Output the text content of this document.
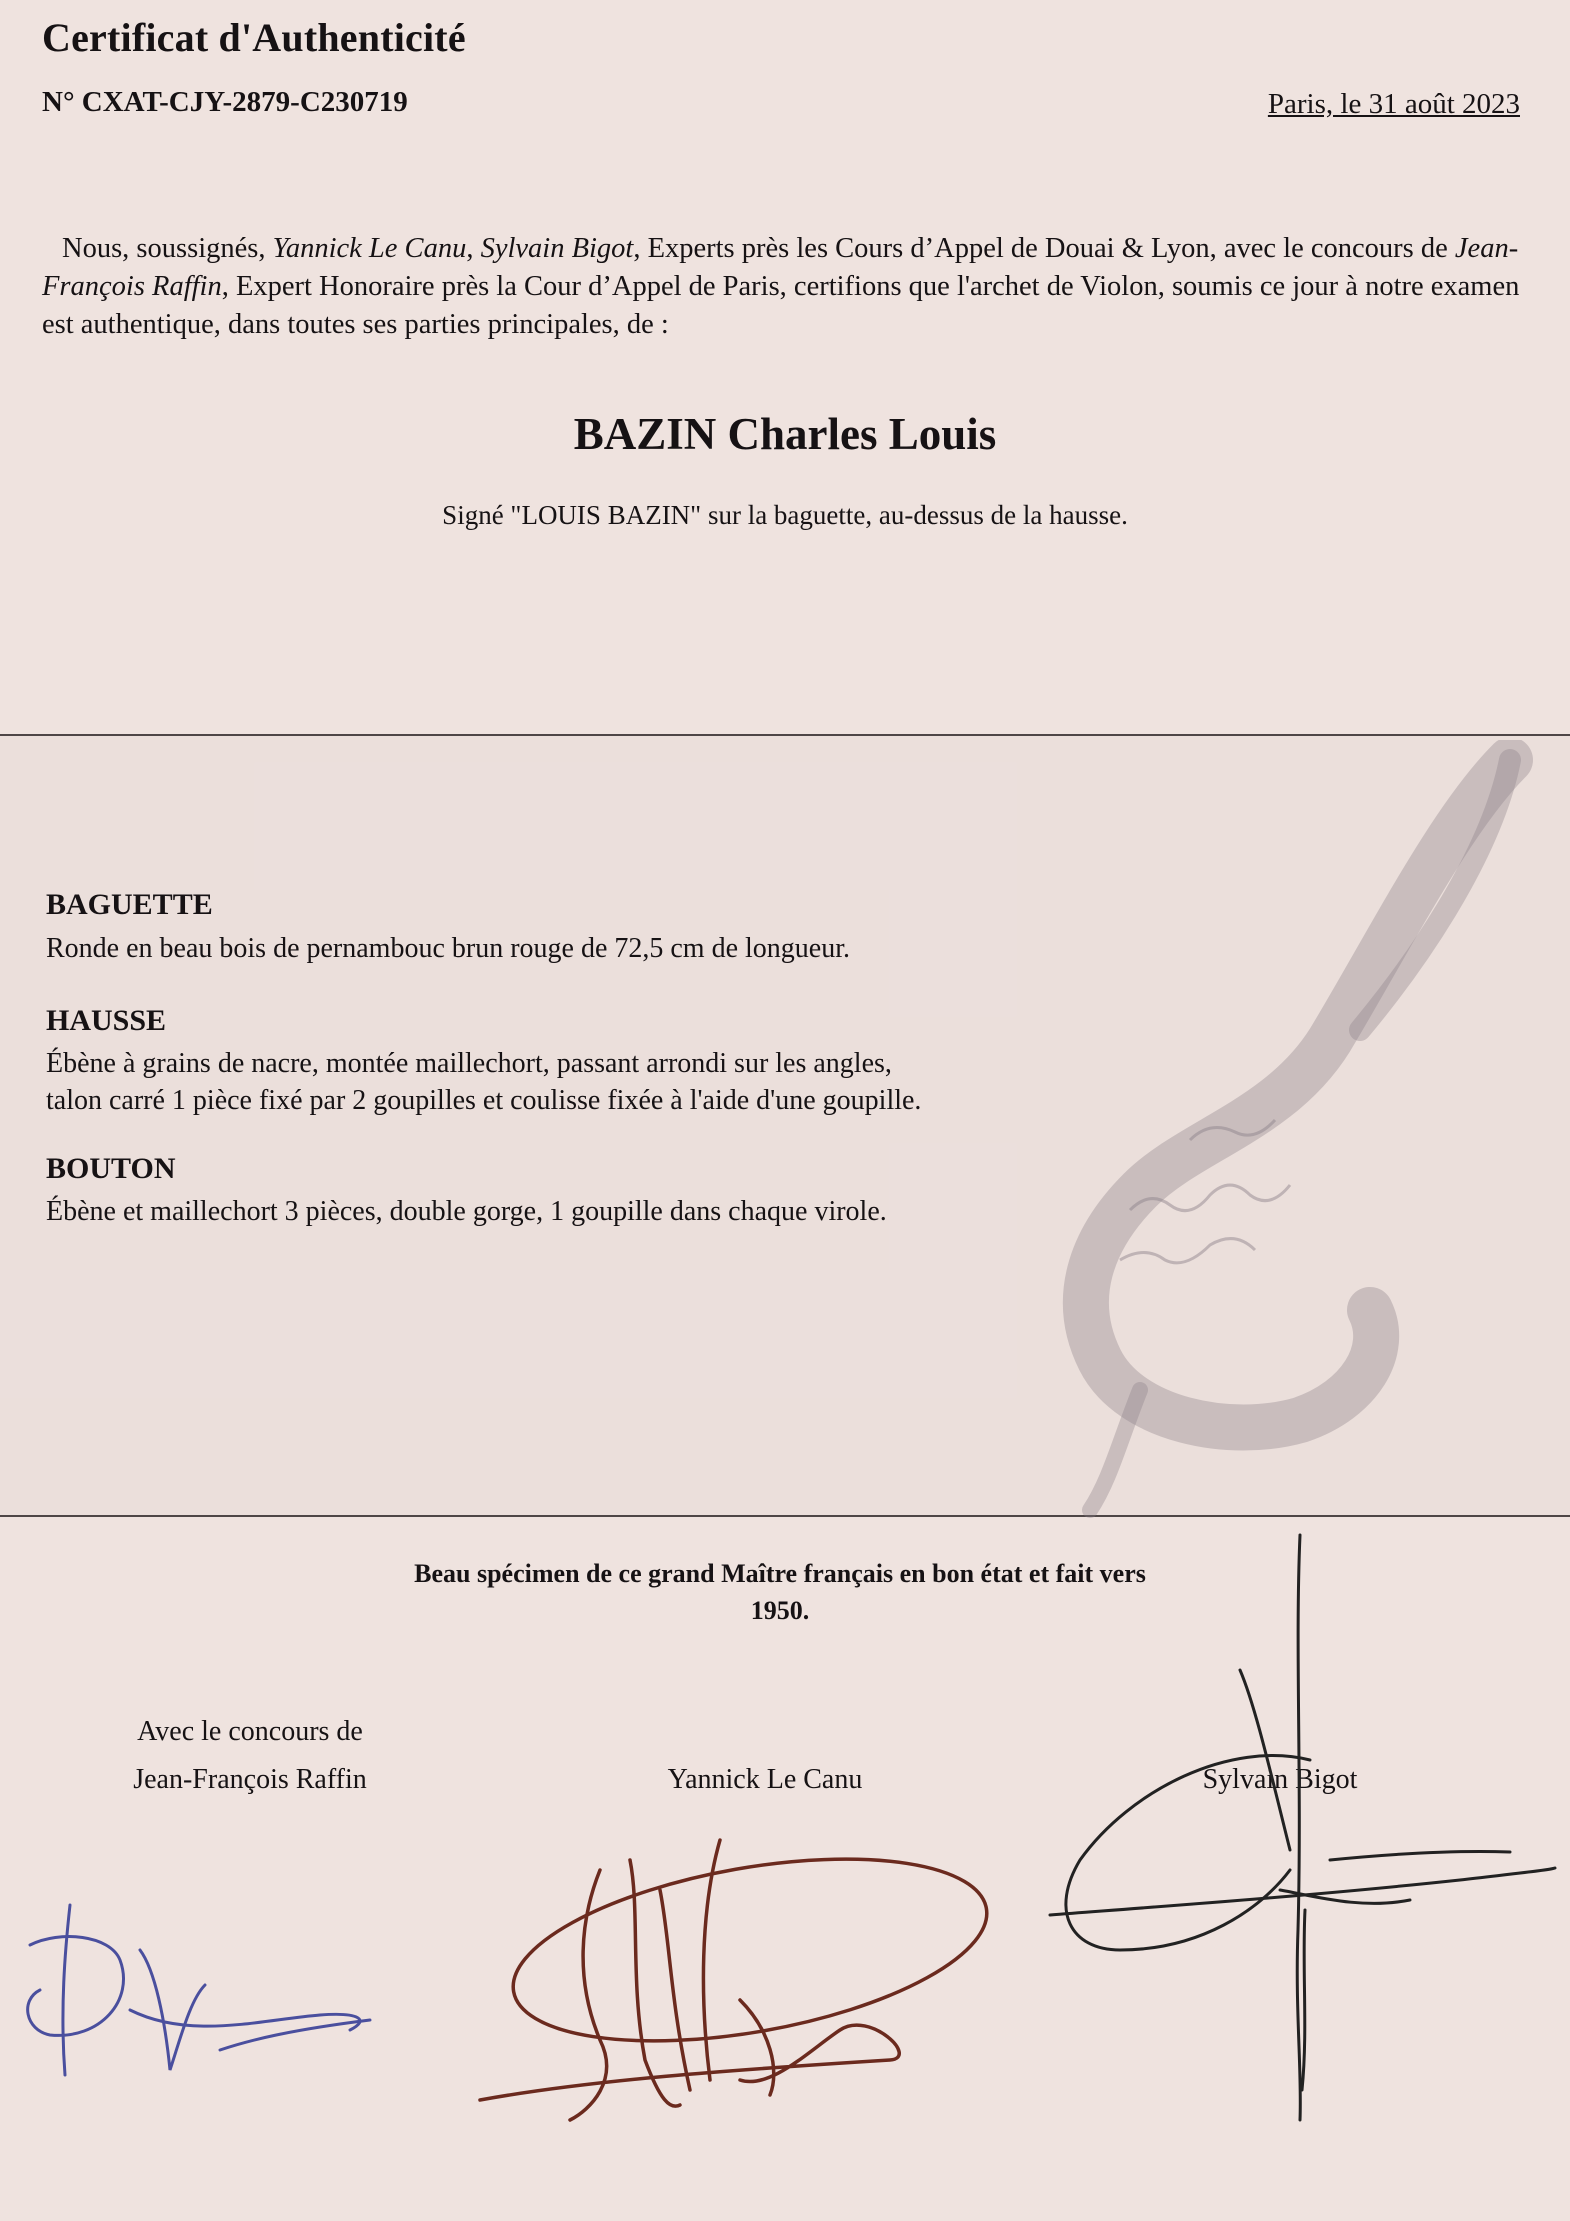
Certificat d'Authenticité
N° CXAT-CJY-2879-C230719	Paris, le 31 août 2023
Nous, soussignés, Yannick Le Canu, Sylvain Bigot, Experts près les Cours d’Appel de Douai & Lyon, avec le concours de Jean-François Raffin, Expert Honoraire près la Cour d’Appel de Paris, certifions que l'archet de Violon, soumis ce jour à notre examen est authentique, dans toutes ses parties principales, de :
BAZIN Charles Louis
Signé "LOUIS BAZIN" sur la baguette, au-dessus de la hausse.
BAGUETTE
Ronde en beau bois de pernambouc brun rouge de 72,5 cm de longueur.
HAUSSE
Ébène à grains de nacre, montée maillechort, passant arrondi sur les angles,
talon carré 1 pièce fixé par 2 goupilles et coulisse fixée à l'aide d'une goupille.
BOUTON
Ébène et maillechort 3 pièces, double gorge, 1 goupille dans chaque virole.
Beau spécimen de ce grand Maître français en bon état et fait vers
1950.
Avec le concours de
Jean-François Raffin	Yannick Le Canu	Sylvain Bigot
